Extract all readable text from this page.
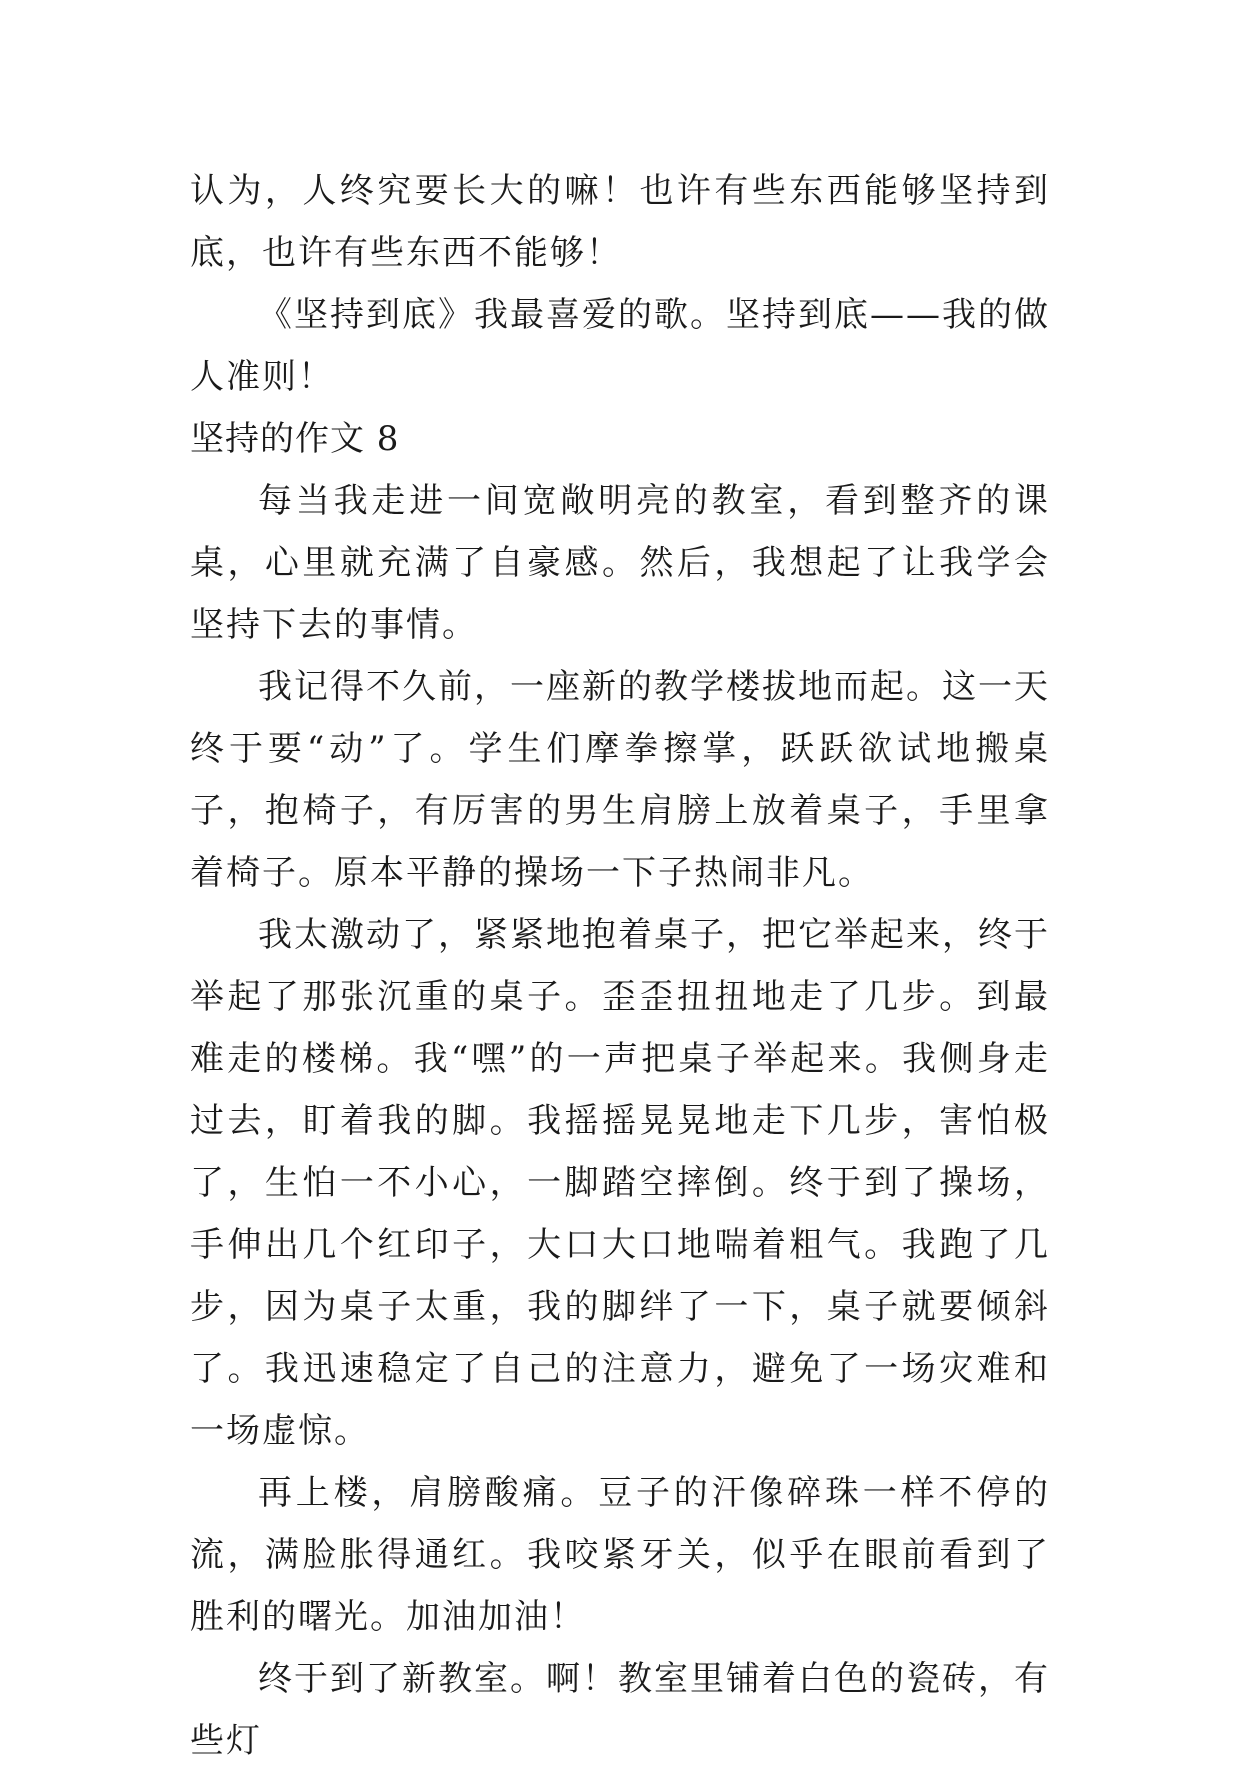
认为，人终究要长大的嘛！也许有些东西能够坚持到底，也许有些东西不能够！

《坚持到底》我最喜爱的歌。坚持到底——我的做人准则！

坚持的作文 8

每当我走进一间宽敞明亮的教室，看到整齐的课桌，心里就充满了自豪感。然后，我想起了让我学会坚持下去的事情。

我记得不久前，一座新的教学楼拔地而起。这一天终于要“动”了。学生们摩拳擦掌，跃跃欲试地搬桌子，抱椅子，有厉害的男生肩膀上放着桌子，手里拿着椅子。原本平静的操场一下子热闹非凡。

我太激动了，紧紧地抱着桌子，把它举起来，终于举起了那张沉重的桌子。歪歪扭扭地走了几步。到最难走的楼梯。我“嘿”的一声把桌子举起来。我侧身走过去，盯着我的脚。我摇摇晃晃地走下几步，害怕极了，生怕一不小心，一脚踏空摔倒。终于到了操场，手伸出几个红印子，大口大口地喘着粗气。我跑了几步，因为桌子太重，我的脚绊了一下，桌子就要倾斜了。我迅速稳定了自己的注意力，避免了一场灾难和一场虚惊。

再上楼，肩膀酸痛。豆子的汗像碎珠一样不停的流，满脸胀得通红。我咬紧牙关，似乎在眼前看到了胜利的曙光。加油加油！

终于到了新教室。啊！教室里铺着白色的瓷砖，有些灯
